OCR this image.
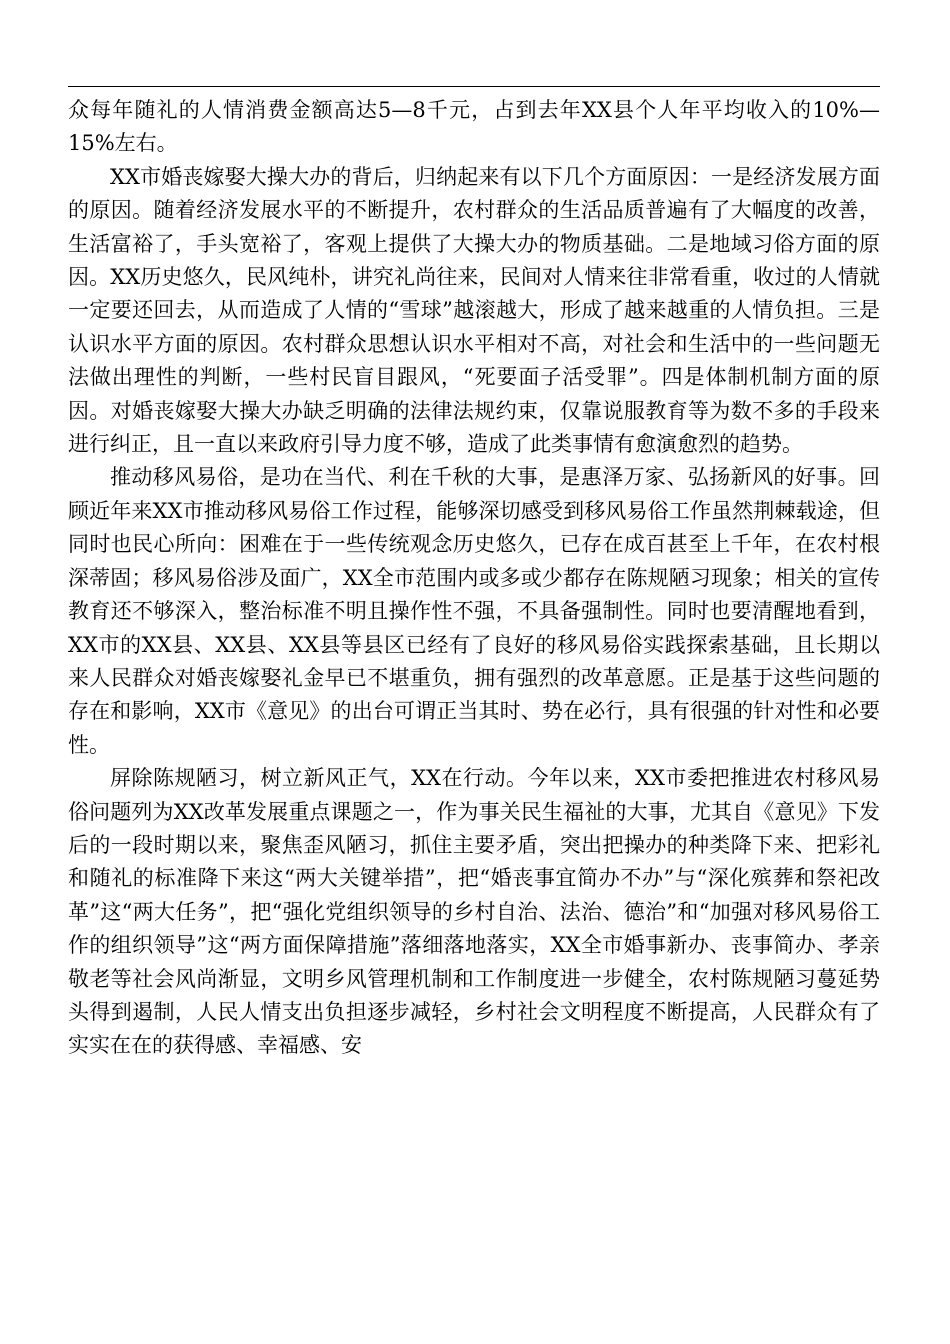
众每年随礼的人情消费金额高达5—8千元，占到去年XX县个人年平均收入的10%—15%左右。

XX市婚丧嫁娶大操大办的背后，归纳起来有以下几个方面原因：一是经济发展方面的原因。随着经济发展水平的不断提升，农村群众的生活品质普遍有了大幅度的改善，生活富裕了，手头宽裕了，客观上提供了大操大办的物质基础。二是地域习俗方面的原因。XX历史悠久，民风纯朴，讲究礼尚往来，民间对人情来往非常看重，收过的人情就一定要还回去，从而造成了人情的“雪球”越滚越大，形成了越来越重的人情负担。三是认识水平方面的原因。农村群众思想认识水平相对不高，对社会和生活中的一些问题无法做出理性的判断，一些村民盲目跟风，“死要面子活受罪”。四是体制机制方面的原因。对婚丧嫁娶大操大办缺乏明确的法律法规约束，仅靠说服教育等为数不多的手段来进行纠正，且一直以来政府引导力度不够，造成了此类事情有愈演愈烈的趋势。

推动移风易俗，是功在当代、利在千秋的大事，是惠泽万家、弘扬新风的好事。回顾近年来XX市推动移风易俗工作过程，能够深切感受到移风易俗工作虽然荆棘载途，但同时也民心所向：困难在于一些传统观念历史悠久，已存在成百甚至上千年，在农村根深蒂固；移风易俗涉及面广，XX全市范围内或多或少都存在陈规陋习现象；相关的宣传教育还不够深入，整治标准不明且操作性不强，不具备强制性。同时也要清醒地看到，XX市的XX县、XX县、XX县等县区已经有了良好的移风易俗实践探索基础，且长期以来人民群众对婚丧嫁娶礼金早已不堪重负，拥有强烈的改革意愿。正是基于这些问题的存在和影响，XX市《意见》的出台可谓正当其时、势在必行，具有很强的针对性和必要性。

屏除陈规陋习，树立新风正气，XX在行动。今年以来，XX市委把推进农村移风易俗问题列为XX改革发展重点课题之一，作为事关民生福祉的大事，尤其自《意见》下发后的一段时期以来，聚焦歪风陋习，抓住主要矛盾，突出把操办的种类降下来、把彩礼和随礼的标准降下来这“两大关键举措”，把“婚丧事宜简办不办”与“深化殡葬和祭祀改革”这“两大任务”，把“强化党组织领导的乡村自治、法治、德治”和“加强对移风易俗工作的组织领导”这“两方面保障措施”落细落地落实，XX全市婚事新办、丧事简办、孝亲敬老等社会风尚渐显，文明乡风管理机制和工作制度进一步健全，农村陈规陋习蔓延势头得到遏制，人民人情支出负担逐步减轻，乡村社会文明程度不断提高，人民群众有了实实在在的获得感、幸福感、安
